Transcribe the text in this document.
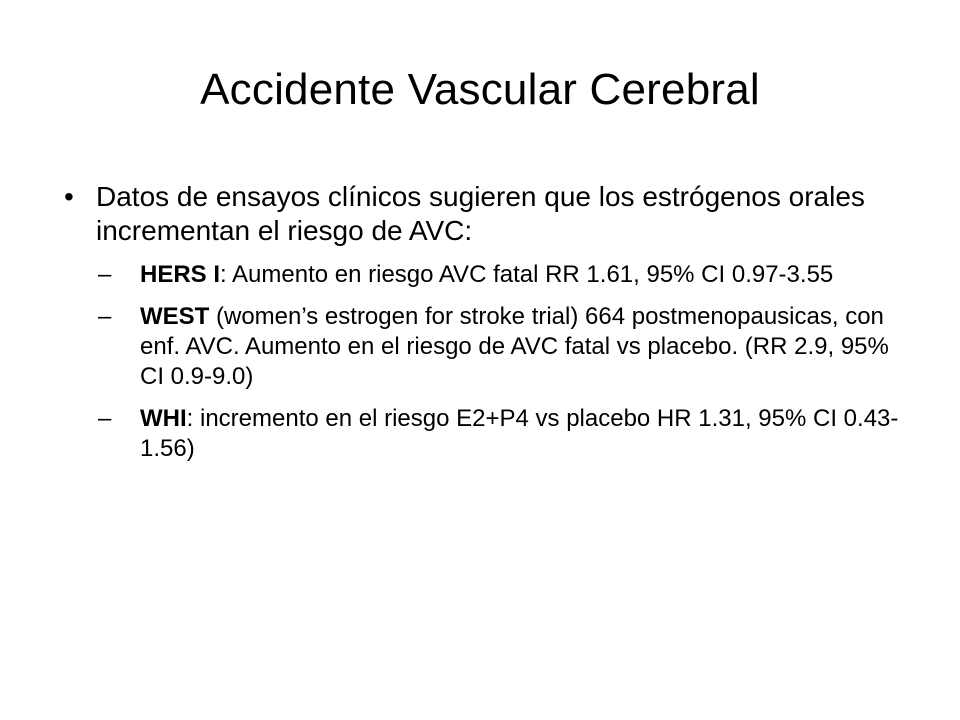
Accidente Vascular Cerebral
• Datos de ensayos clínicos sugieren que los estrógenos orales incrementan el riesgo de AVC:
– HERS I: Aumento en riesgo AVC fatal RR 1.61, 95% CI 0.97-3.55
– WEST (women’s estrogen for stroke trial) 664 postmenopausicas, con enf. AVC. Aumento en el riesgo de AVC fatal vs placebo. (RR 2.9, 95% CI 0.9-9.0)
– WHI: incremento en el riesgo E2+P4 vs placebo HR 1.31, 95% CI 0.43-1.56)
